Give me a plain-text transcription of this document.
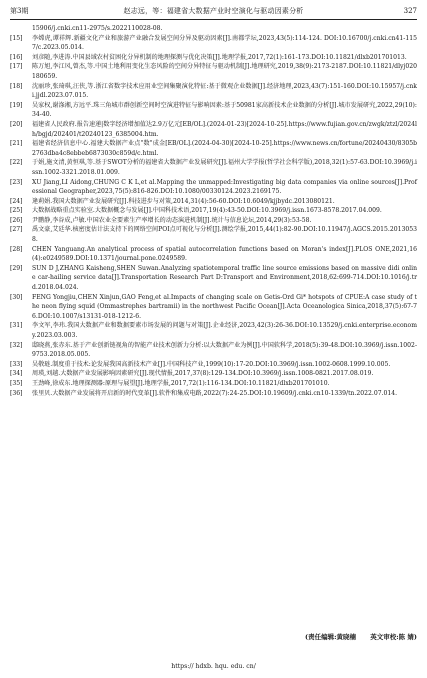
第3期	赵志远，等：福建省大数据产业时空演化与驱动因素分析	327
15906/j.cnki.cn11-2975/s.2022110028-08.
[15]	李嫦虎,谭祥辉.新疆文化产业和旅游产业融合发展空间分异及驱动因素[J].南都学坛,2023,43(5):114-124. DOI:10.16700/j.cnki.cn41-1157/c.2023.05.014.
[16]	刘彦随,李进涛.中国县域农村贫困化分异机制的地理探测与优化决策[J].地理学报,2017,72(1):161-173.DOI:10.11821/dlxb201701013.
[17]	陈万旭,李江风,曾杰,等.中国土地利用变化生态风险的空间分异特征与驱动机制[J].地理研究,2019,38(9):2173-2187.DOI:10.11821/dlyj020180659.
[18]	沈丽珍,张琦琪,汪侠,等.浙江省数字技术应用业空间集聚演化特征:基于微观企业数据[J].经济地理,2023,43(7):151-160.DOI:10.15957/j.cnki.jjdl.2023.07.015.
[19]	吴家权,谢涤湘,方远平.珠三角城市群创新空间时空演进特征与影响因素:基于50981家高新技术企业数据的分析[J].城市发展研究,2022,29(10):34-40.
[20]	福建省人民政府.报告速递|数字经济增加值达2.9万亿元[EB/OL].(2024-01-23)[2024-10-25].https://www.fujian.gov.cn/zwgk/ztzl/2024lh/bgjd/202401/t20240123_6385004.htm.
[21]	福建省经济信息中心.福建大数据产业点"数"成金[EB/OL].(2024-04-30)[2024-10-25].https://www.news.cn/fortune/20240430/8305b2763dba4c8ebbeb6873030c859d/c.html.
[22]	于娟,施文清,黄恒琪,等.基于SWOT分析的福建省大数据产业发展研究[J].福州大学学报(哲学社会科学版),2018,32(1):57-63.DOI:10.3969/j.issn.1002-3321.2018.01.009.
[23]	XU Jiang,LI Aidong,CHUNG C K L,et al.Mapping the unmapped:Investigating big data companies via online sources[J].Professional Geographer,2023,75(5):816-826.DOI:10.1080/00330124.2023.2169175.
[24]	逄莉娟.我国大数据产业发展研究[J].科技进步与对策,2014,31(4):56-60.DOI:10.6049/kjjbydc.2013080121.
[25]	大数据战略重点实验室.大数据概念与发展[J].中国科技术语,2017,19(4):43-50.DOI:10.3969/j.issn.1673-8578.2017.04.009.
[26]	尹鹏静,李谷成,卢敏.中国农业全要素生产率增长的动态演进机制[J].统计与信息论坛,2014,29(3):53-58.
[27]	禹文豪,艾廷华.核密度估计法支持下的网络空间POI点可视化与分析[J].测绘学报,2015,44(1):82-90.DOI:10.11947/j.AGCS.2015.20130538.
[28]	CHEN Yanguang.An analytical process of spatial autocorrelation functions based on Moran's index[J].PLOS ONE,2021,16(4):e0249589.DOI:10.1371/journal.pone.0249589.
[29]	SUN D J,ZHANG Kaisheng,SHEN Suwan.Analyzing spatiotemporal traffic line source emissions based on massive didi online car-hailing service data[J].Transportation Research Part D:Transport and Environment,2018,62:699-714.DOI:10.1016/j.trd.2018.04.024.
[30]	FENG Yongjiu,CHEN Xinjun,GAO Feng,et al.Impacts of changing scale on Getis-Ord Gi* hotspots of CPUE:A case study of the neon flying squid (Ommastrephes bartramii) in the northwest Pacific Ocean[J].Acta Oceanologica Sinica,2018,37(5):67-76.DOI:10.1007/s13131-018-1212-6.
[31]	李文军,李玮.我国大数据产业和数据要素市场发展的问题与对策[J].企业经济,2023,42(3):26-36.DOI:10.13529/j.cnki.enterprise.economy.2023.03.003.
[32]	邸晓燕,张赤东.基于产业创新链视角的智能产业技术创新力分析:以大数据产业为例[J].中国软科学,2018(5):39-48.DOI:10.3969/j.issn.1002-9753.2018.05.005.
[33]	吴敬琏.制度重于技术:论发展我国高新技术产业[J].中国科技产业,1999(10):17-20.DOI:10.3969/j.issn.1002-0608.1999.10.005.
[34]	周瑛,刘越.大数据产业发展影响因素研究[J].现代情报,2017,37(8):129-134.DOI:10.3969/j.issn.1008-0821.2017.08.019.
[35]	王劲峰,徐成东.地理探测器:原理与展望[J].地理学报,2017,72(1):116-134.DOI:10.11821/dlxb201701010.
[36]	张里贝.大数据产业发展将开启新的时代变革[J].软件和集成电路,2022(7):24-25.DOI:10.19609/j.cnki.cn10-1339/tn.2022.07.014.
(责任编辑:黄晓楠 英文审校:陈 婧)
https:// hdxb. hqu. edu. cn/
